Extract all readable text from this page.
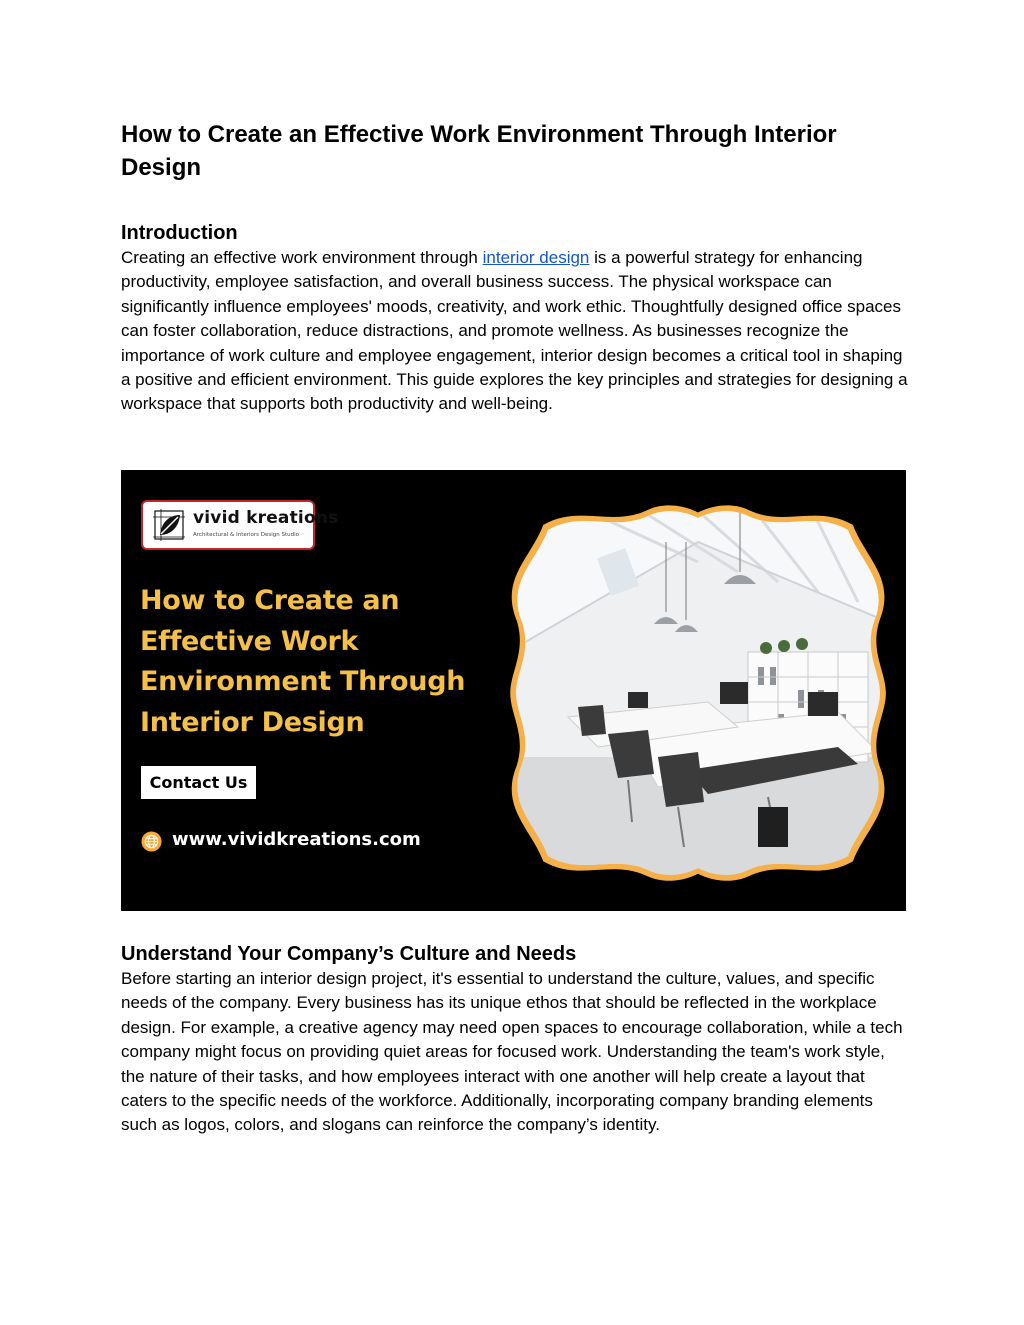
How to Create an Effective Work Environment Through Interior Design
Introduction

Creating an effective work environment through interior design is a powerful strategy for enhancing productivity, employee satisfaction, and overall business success. The physical workspace can significantly influence employees' moods, creativity, and work ethic. Thoughtfully designed office spaces can foster collaboration, reduce distractions, and promote wellness. As businesses recognize the importance of work culture and employee engagement, interior design becomes a critical tool in shaping a positive and efficient environment. This guide explores the key principles and strategies for designing a workspace that supports both productivity and well-being.

vivid kreations
Architectural & Interiors Design Studio
How to Create an
Effective Work
Environment Through
Interior Design
Contact Us
www.vividkreations.com
Understand Your Company’s Culture and Needs

Before starting an interior design project, it's essential to understand the culture, values, and specific needs of the company. Every business has its unique ethos that should be reflected in the workplace design. For example, a creative agency may need open spaces to encourage collaboration, while a tech company might focus on providing quiet areas for focused work. Understanding the team's work style, the nature of their tasks, and how employees interact with one another will help create a layout that caters to the specific needs of the workforce. Additionally, incorporating company branding elements such as logos, colors, and slogans can reinforce the company’s identity.
